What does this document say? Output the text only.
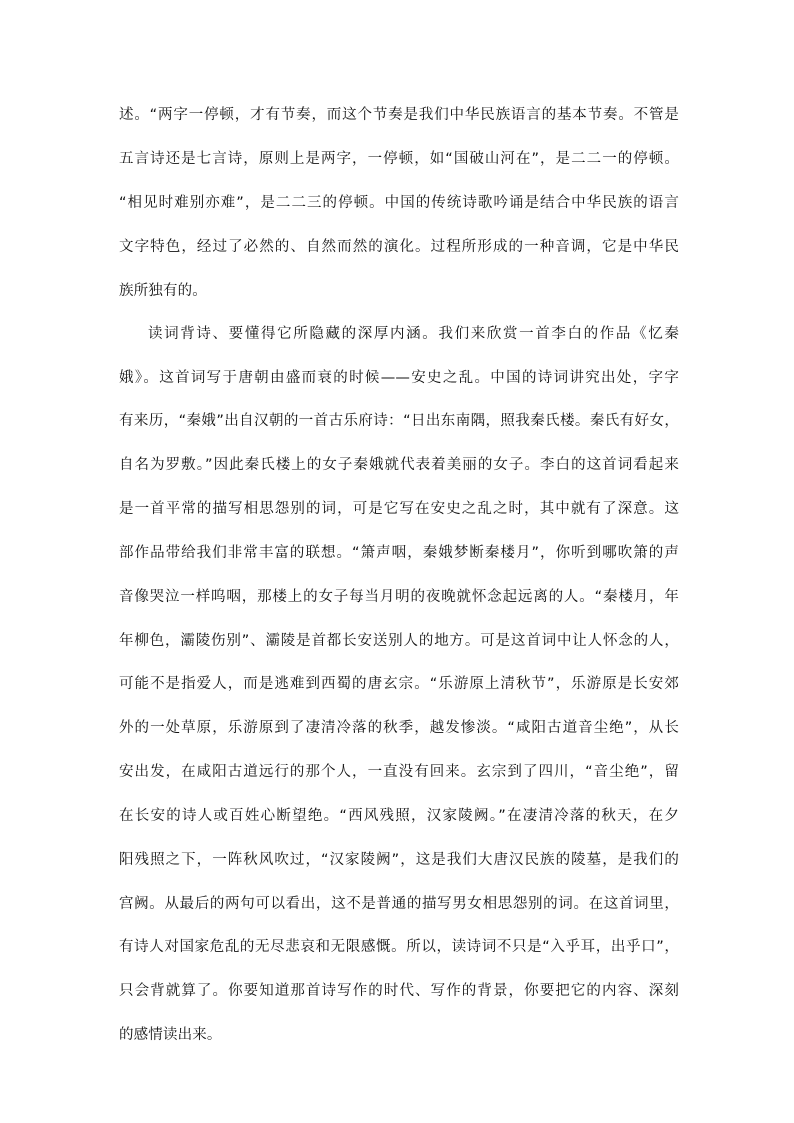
述。“两字一停顿，才有节奏，而这个节奏是我们中华民族语言的基本节奏。不管是
五言诗还是七言诗，原则上是两字，一停顿，如“国破山河在”，是二二一的停顿。
“相见时难别亦难”，是二二三的停顿。中国的传统诗歌吟诵是结合中华民族的语言
文字特色，经过了必然的、自然而然的演化。过程所形成的一种音调，它是中华民
族所独有的。
读词背诗、要懂得它所隐藏的深厚内涵。我们来欣赏一首李白的作品《忆秦
娥》。这首词写于唐朝由盛而衰的时候——安史之乱。中国的诗词讲究出处，字字
有来历，“秦娥”出自汉朝的一首古乐府诗：“日出东南隅，照我秦氏楼。秦氏有好女，
自名为罗敷。”因此秦氏楼上的女子秦娥就代表着美丽的女子。李白的这首词看起来
是一首平常的描写相思怨别的词，可是它写在安史之乱之时，其中就有了深意。这
部作品带给我们非常丰富的联想。“箫声咽，秦娥梦断秦楼月”，你听到哪吹箫的声
音像哭泣一样呜咽，那楼上的女子每当月明的夜晚就怀念起远离的人。“秦楼月，年
年柳色，灞陵伤别”、灞陵是首都长安送别人的地方。可是这首词中让人怀念的人，
可能不是指爱人，而是逃难到西蜀的唐玄宗。“乐游原上清秋节”，乐游原是长安郊
外的一处草原，乐游原到了凄清冷落的秋季，越发惨淡。“咸阳古道音尘绝”，从长
安出发，在咸阳古道远行的那个人，一直没有回来。玄宗到了四川，“音尘绝”，留
在长安的诗人或百姓心断望绝。“西风残照，汉家陵阙。”在凄清冷落的秋天，在夕
阳残照之下，一阵秋风吹过，“汉家陵阙”，这是我们大唐汉民族的陵墓，是我们的
宫阙。从最后的两句可以看出，这不是普通的描写男女相思怨别的词。在这首词里，
有诗人对国家危乱的无尽悲哀和无限感慨。所以，读诗词不只是“入乎耳，出乎口”，
只会背就算了。你要知道那首诗写作的时代、写作的背景，你要把它的内容、深刻
的感情读出来。
